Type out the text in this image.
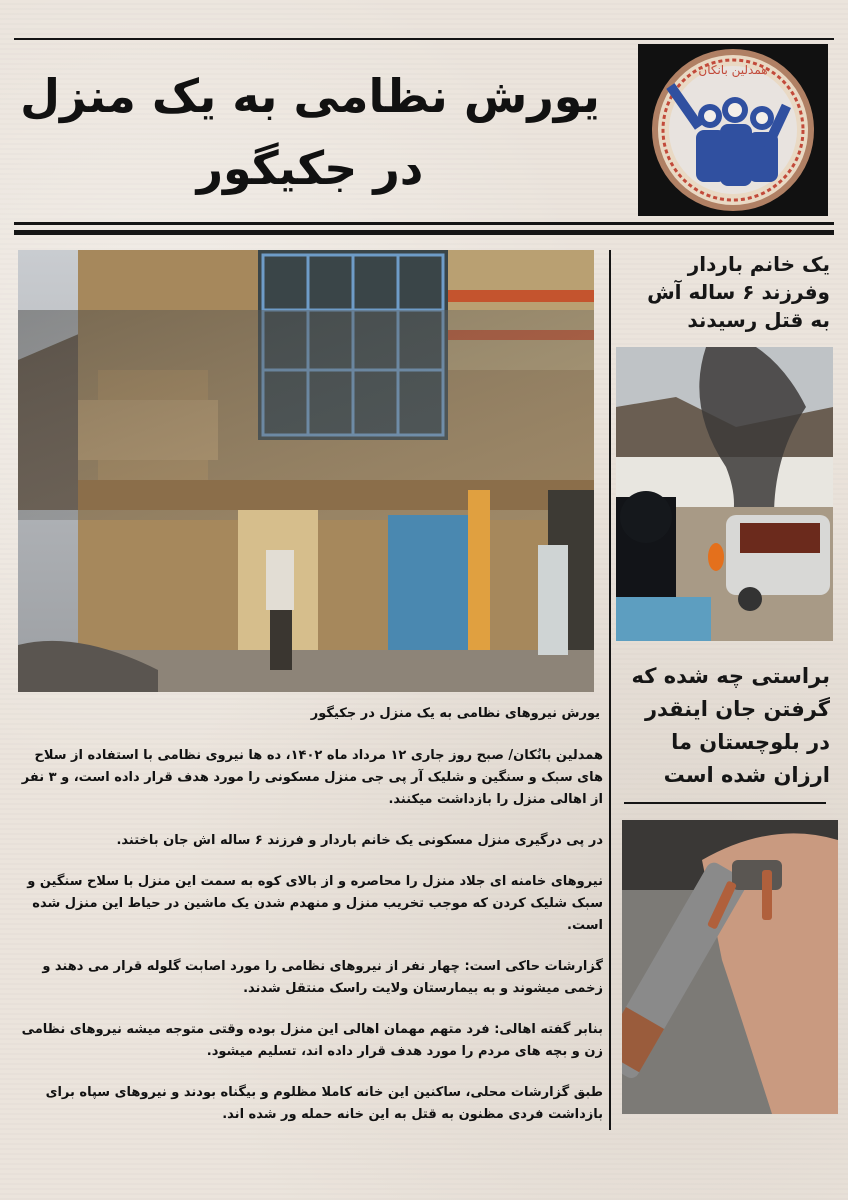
یورش نظامی به یک منزل
در جکیگور
همدلین بانکان
یک خانم باردار
وفرزند ۶ ساله آش
به قتل رسیدند
براستی چه شده که
گرفتن جان اینقدر
در بلوچستان ما
ارزان شده است
یورش نیروهای نظامی به یک منزل در جکیگور

همدلین بانُکان/ صبح روز جاری ۱۲ مرداد ماه ۱۴۰۲، ده ها نیروی نظامی با استفاده از سلاح های سبک و سنگین و شلیک آر پی جی منزل مسکونی را مورد هدف قرار داده است، و ۳ نفر از اهالی منزل را بازداشت میکنند.

در پی درگیری منزل مسکونی یک خانم باردار و فرزند ۶ ساله اش جان باختند.

نیروهای خامنه ای جلاد منزل را محاصره و از بالای کوه به سمت این منزل با سلاح سنگین و سبک شلیک کردن که موجب تخریب منزل و منهدم شدن یک ماشین در حیاط این منزل شده است.

گزارشات حاکی است: چهار نفر از نیروهای نظامی را مورد اصابت گلوله قرار می دهند و زخمی میشوند و به بیمارستان ولایت راسک منتقل شدند.

بنابر گفته اهالی: فرد متهم مهمان اهالی این منزل بوده وقتی متوجه میشه نیروهای نظامی زن و بچه های مردم را مورد هدف قرار داده اند، تسلیم میشود.

طبق گزارشات محلی، ساکنین این خانه کاملا مظلوم و بیگناه بودند و نیروهای سپاه برای بازداشت فردی مظنون به قتل به این خانه حمله ور شده اند.
